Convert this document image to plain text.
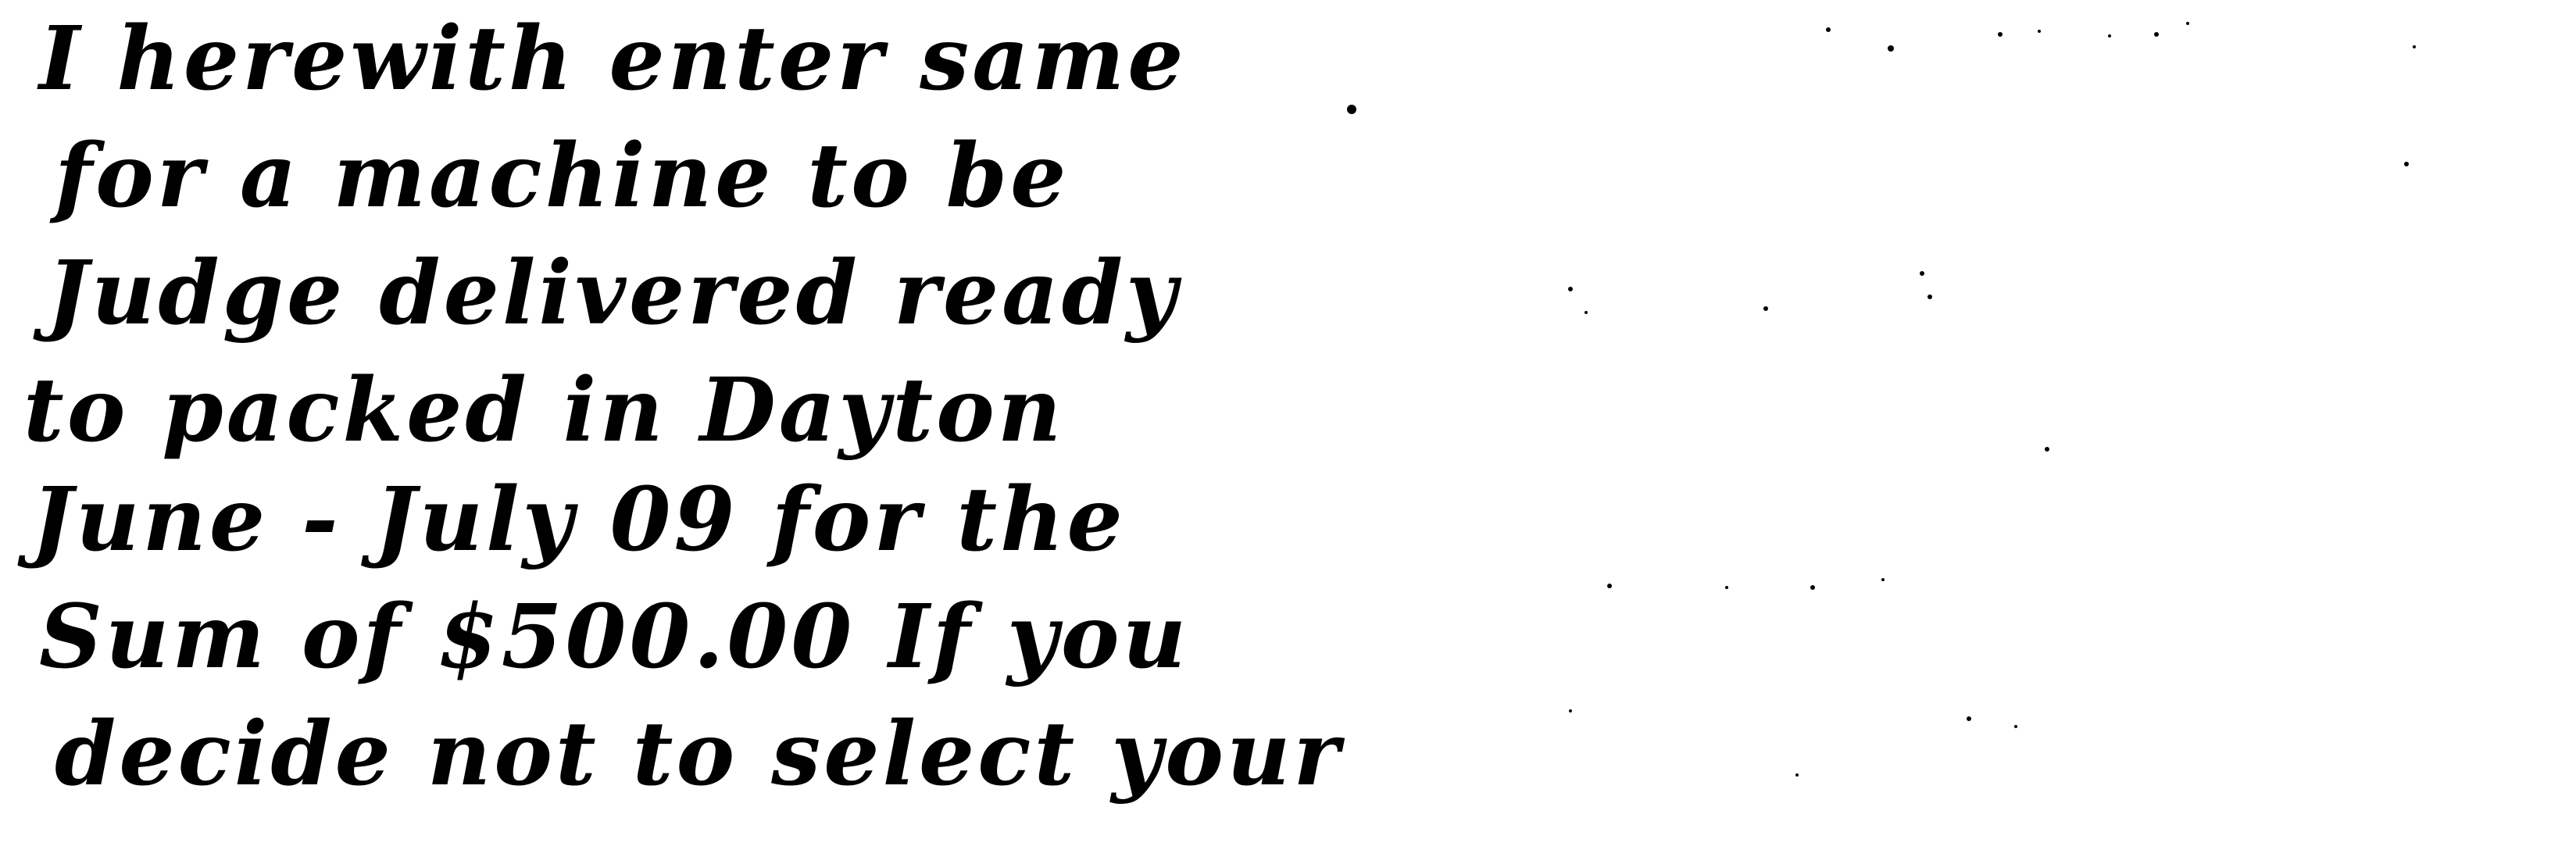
I herewith enter same
for a machine to be
Judge delivered ready
to packed in Dayton
June - July 09 for the
Sum of $500.00 If you
decide not to select your
